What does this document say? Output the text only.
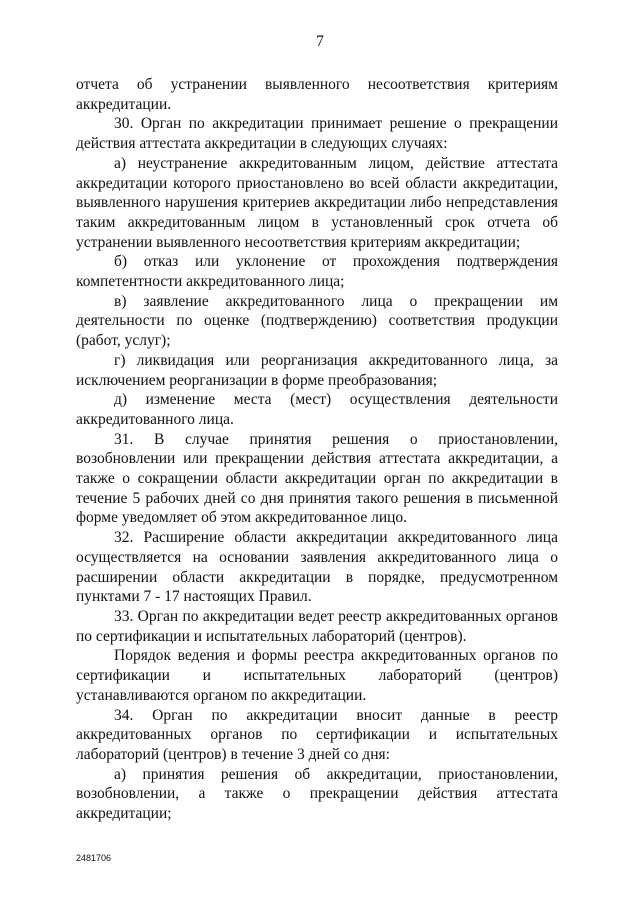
7

отчета об устранении выявленного несоответствия критериям аккредитации.

30. Орган по аккредитации принимает решение о прекращении действия аттестата аккредитации в следующих случаях:

а) неустранение аккредитованным лицом, действие аттестата аккредитации которого приостановлено во всей области аккредитации, выявленного нарушения критериев аккредитации либо непредставления таким аккредитованным лицом в установленный срок отчета об устранении выявленного несоответствия критериям аккредитации;

б) отказ или уклонение от прохождения подтверждения компетентности аккредитованного лица;

в) заявление аккредитованного лица о прекращении им деятельности по оценке (подтверждению) соответствия продукции (работ, услуг);

г) ликвидация или реорганизация аккредитованного лица, за исключением реорганизации в форме преобразования;

д) изменение места (мест) осуществления деятельности аккредитованного лица.

31. В случае принятия решения о приостановлении, возобновлении или прекращении действия аттестата аккредитации, а также о сокращении области аккредитации орган по аккредитации в течение 5 рабочих дней со дня принятия такого решения в письменной форме уведомляет об этом аккредитованное лицо.

32. Расширение области аккредитации аккредитованного лица осуществляется на основании заявления аккредитованного лица о расширении области аккредитации в порядке, предусмотренном пунктами 7 - 17 настоящих Правил.

33. Орган по аккредитации ведет реестр аккредитованных органов по сертификации и испытательных лабораторий (центров).

Порядок ведения и формы реестра аккредитованных органов по сертификации и испытательных лабораторий (центров) устанавливаются органом по аккредитации.

34. Орган по аккредитации вносит данные в реестр аккредитованных органов по сертификации и испытательных лабораторий (центров) в течение 3 дней со дня:

а) принятия решения об аккредитации, приостановлении, возобновлении, а также о прекращении действия аттестата аккредитации;

2481706
